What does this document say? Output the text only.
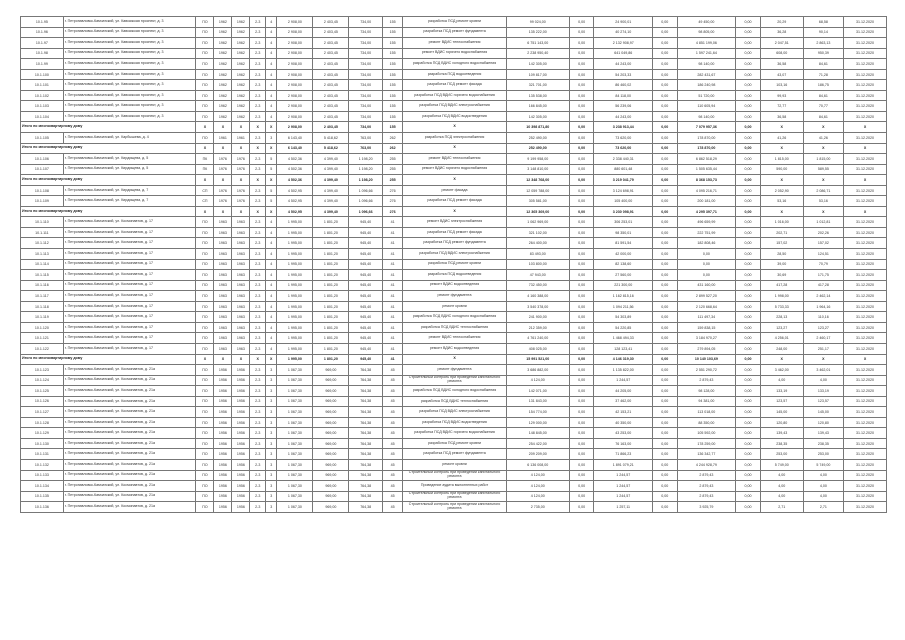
10.1.95	г. Петропавловск-Камчатский, ул. Кавказская проспект, д. 3	ПО	1962	1962	2-3	4	2 908,00	2 403,45	734,00	155	разработка ПСД ремонт кровли	99 024,00	0,00	24 900,01	0,00	49 450,00	0,00	20,29	68,58	31.12.2020
10.1.96	г. Петропавловск-Камчатский, ул. Кавказская проспект, д. 3	ПО	1962	1962	2-3	4	2 908,00	2 403,45	734,00	155	разработка ПСД ремонт фундамента	135 222,00	0,00	40 274,10	0,00	98 805,00	0,00	36,28	90,14	31.12.2020
10.1.97	г. Петропавловск-Камчатский, ул. Кавказская проспект, д. 3	ПО	1962	1962	2-3	4	2 908,00	2 403,45	734,00	155	ремонт ВДИС теплоснабжения	6 751 143,00	0,00	2 132 908,97	0,00	4 851 199,06	0,00	2 047,51	2 863,13	31.12.2020
10.1.98	г. Петропавловск-Камчатский, ул. Кавказская проспект, д. 3	ПО	1962	1962	2-3	4	2 908,00	2 403,45	734,00	155	ремонт ВДИС горячего водоснабжения	2 238 950,40	0,00	641 049,86	0,00	1 597 241,64	0,00	608,00	950,39	31.12.2020
10.1.99	г. Петропавловск-Камчатский, ул. Кавказская проспект, д. 3	ПО	1962	1962	2-3	4	2 908,00	2 403,45	734,00	155	разработка ПСД ВДИС холодного водоснабжения	142 305,00	0,00	44 243,00	0,00	98 140,00	0,00	36,58	84,61	31.12.2020
10.1.100	г. Петропавловск-Камчатский, ул. Кавказская проспект, д. 3	ПО	1962	1962	2-3	4	2 908,00	2 403,45	734,00	155	разработка ПСД водоотведения	109 817,00	0,00	54 203,33	0,00	282 431,67	0,00	43,07	71,28	31.12.2020
10.1.101	г. Петропавловск-Камчатский, ул. Кавказская проспект, д. 3	ПО	1962	1962	2-3	4	2 908,00	2 403,45	734,00	155	разработка ПСД ремонт фасада	321 701,00	0,00	86 460,02	0,00	186 240,98	0,00	103,16	186,75	31.12.2020
10.1.102	г. Петропавловск-Камчатский, ул. Кавказская проспект, д. 3	ПО	1962	1962	2-3	4	2 908,00	2 403,45	734,00	155	разработка ПСД ВДИС горячего водоснабжения	135 538,00	0,00	84 118,00	0,00	51 720,00	0,00	99,93	84,61	31.12.2020
10.1.103	г. Петропавловск-Камчатский, ул. Кавказская проспект, д. 3	ПО	1962	1962	2-3	4	2 908,00	2 403,45	734,00	155	разработка ПСД ВДИС электроснабжения	166 845,00	0,00	56 239,06	0,00	110 605,94	0,00	72,77	70,77	31.12.2020
10.1.104	г. Петропавловск-Камчатский, ул. Кавказская проспект, д. 3	ПО	1962	1962	2-3	4	2 908,00	2 403,45	734,00	155	разработка ПСД ВДИС водоотведения	142 305,00	0,00	44 243,00	0,00	98 140,00	0,00	36,58	84,61	31.12.2020
Итого по многоквартирному дому		Х	Х	Х	Х	Х	2 908,00	2 403,45	734,00	155	Х	10 398 871,80	0,00	3 238 913,44	0,00	7 079 957,36	0,00	Х	Х	Х
10.1.105	г. Петропавловск-Камчатский, ул. Карбышева, д. 4	ПО	1961	1961	2-3	3	6 143,40	5 418,62	763,00	262	разработка ПСД электроснабжения	252 490,00	0,00	73 620,00	0,00	178 870,00	0,00	41,26	41,26	31.12.2020
Итого по многоквартирному дому		Х	Х	Х	Х	Х	6 143,40	5 418,62	763,00	262	Х	252 490,00	0,00	73 620,00	0,00	178 870,00	0,00	Х	Х	Х
10.1.106	г. Петропавловск-Камчатский, ул. Кирдищева, д. 5	ПК	1976	1976	2-3	5	4 502,36	4 399,40	1 198,20	255	ремонт ВДИС теплоснабжения	9 199 958,00	0,00	2 338 440,31	0,00	6 862 518,29	0,00	1 815,00	1 815,00	31.12.2020
10.1.107	г. Петропавловск-Камчатский, ул. Кирдищева, д. 5	ПК	1976	1976	2-3	5	4 502,36	4 399,40	1 198,20	255	ремонт ВДИС горячего водоснабжения	3 148 810,00	0,00	880 601,48	0,00	1 505 635,44	0,00	590,00	589,55	31.12.2020
Итого по многоквартирному дому		Х	Х	Х	Х	Х	4 502,36	4 399,40	1 198,20	255	Х	12 348 768,00	0,00	3 219 041,79	0,00	8 368 153,73	0,00	Х	Х	Х
10.1.108	г. Петропавловск-Камчатский, ул. Кирдищева, д. 7	СП	1976	1976	2-3	5	4 502,95	4 399,40	1 096,66	276	ремонт фасада	12 059 788,00	0,00	3 124 698,91	0,00	4 095 216,71	0,00	2 052,90	2 086,71	31.12.2020
10.1.109	г. Петропавловск-Камчатский, ул. Кирдищева, д. 7	СП	1976	1976	2-3	5	4 502,95	4 399,40	1 096,66	276	разработка ПСД ремонт фасада	305 581,00	0,00	105 400,00	0,00	200 181,00	0,00	53,16	53,16	31.12.2020
Итого по многоквартирному дому		Х	Х	Х	Х	Х	4 502,95	4 399,40	1 096,66	276	Х	12 365 369,00	0,00	3 230 098,91	0,00	4 295 397,71	0,00	Х	Х	Х
10.1.110	г. Петропавловск-Камчатский, ул. Космонавтов, д. 17	ПО	1963	1963	2-3	4	1 995,00	1 801,20	945,40	41	ремонт ВДИС электроснабжения	1 062 969,00	0,00	306 253,01	0,00	496 659,99	0,00	1 016,00	1 012,81	31.12.2020
10.1.111	г. Петропавловск-Камчатский, ул. Космонавтов, д. 17	ПО	1963	1963	2-3	4	1 995,00	1 801,20	945,40	41	разработка ПСД ремонт фасада	321 102,00	0,00	98 350,01	0,00	222 751,99	0,00	202,71	202,26	31.12.2020
10.1.112	г. Петропавловск-Камчатский, ул. Космонавтов, д. 17	ПО	1963	1963	2-3	4	1 995,00	1 801,20	945,40	41	разработка ПСД ремонт фундамента	264 400,00	0,00	81 591,54	0,00	182 808,46	0,00	157,02	157,02	31.12.2020
10.1.113	г. Петропавловск-Камчатский, ул. Космонавтов, д. 17	ПО	1963	1963	2-3	4	1 995,00	1 801,20	945,40	41	разработка ПСД ВДИС электроснабжения	83 493,00	0,00	42 000,00	0,00	0,00	0,00	28,50	124,51	31.12.2020
10.1.114	г. Петропавловск-Камчатский, ул. Космонавтов, д. 17	ПО	1963	1963	2-3	4	1 995,00	1 801,20	945,40	41	разработка ПСД ремонт кровли	103 800,00	0,00	82 138,60	0,00	0,00	0,00	39,00	70,79	31.12.2020
10.1.115	г. Петропавловск-Камчатский, ул. Космонавтов, д. 17	ПО	1963	1963	2-3	4	1 995,00	1 801,20	945,40	41	разработка ПСД водоотведения	47 943,00	0,00	27 560,00	0,00	0,00	0,00	30,69	171,75	31.12.2020
10.1.116	г. Петропавловск-Камчатский, ул. Космонавтов, д. 17	ПО	1963	1963	2-3	4	1 995,00	1 801,20	945,40	41	ремонт ВДИС водоотведения	732 450,00	0,00	221 300,00	0,00	431 160,00	0,00	417,28	417,28	31.12.2020
10.1.117	г. Петропавловск-Камчатский, ул. Космонавтов, д. 17	ПО	1963	1963	2-3	4	1 995,00	1 801,20	945,40	41	ремонт фундамента	4 160 388,00	0,00	1 162 815,16	0,00	2 899 527,20	0,00	1 998,00	2 462,14	31.12.2020
10.1.118	г. Петропавловск-Камчатский, ул. Космонавтов, д. 17	ПО	1963	1963	2-3	4	1 995,00	1 801,20	945,40	41	ремонт кровли	3 540 378,00	0,00	1 094 211,56	0,00	2 120 668,64	0,00	5 733,33	1 964,16	31.12.2020
10.1.119	г. Петропавловск-Камчатский, ул. Космонавтов, д. 17	ПО	1963	1963	2-3	4	1 995,00	1 801,20	945,40	41	разработка ПСД ВДИС холодного водоснабжения	241 900,00	0,00	54 303,89	0,00	111 497,34	0,00	228,13	110,16	31.12.2020
10.1.120	г. Петропавловск-Камчатский, ул. Космонавтов, д. 17	ПО	1963	1963	2-3	4	1 995,00	1 801,20	945,40	41	разработка ПСД ВДИС теплоснабжения	212 359,00	0,00	54 220,85	0,00	159 838,15	0,00	123,27	123,27	31.12.2020
10.1.121	г. Петропавловск-Камчатский, ул. Космонавтов, д. 17	ПО	1963	1963	2-3	4	1 995,00	1 801,20	945,40	41	ремонт ВДИС теплоснабжения	4 761 240,00	0,00	1 468 494,33	0,00	3 184 970,27	0,00	4 256,01	2 460,17	31.12.2020
10.1.122	г. Петропавловск-Камчатский, ул. Космонавтов, д. 17	ПО	1963	1963	2-3	4	1 995,00	1 801,20	945,40	41	ремонт ВДИС водоотведения	408 025,00	0,00	128 123,41	0,00	279 894,05	0,00	248,00	251,17	31.12.2020
Итого по многоквартирному дому		Х	Х	Х	Х	Х	1 995,00	1 801,20	945,40	41	Х	15 991 521,00	0,00	4 146 319,30	0,00	10 140 103,69	0,00	Х	Х	Х
10.1.123	г. Петропавловск-Камчатский, ул. Космонавтов, д. 21а	ПО	1956	1956	2-3	3	1 067,30	969,00	764,38	45	ремонт фундамента	3 686 882,00	0,00	1 135 822,00	0,00	2 551 290,72	0,00	3 462,00	3 462,01	31.12.2020
10.1.124	г. Петропавловск-Камчатский, ул. Космонавтов, д. 21а	ПО	1956	1956	2-3	3	1 067,30	969,00	764,38	45	Строительный контроль при проведении капитального ремонта	4 124,00	0,00	1 244,57	0,00	2 879,43	0,00	4,00	4,00	31.12.2020
10.1.125	г. Петропавловск-Камчатский, ул. Космонавтов, д. 21а	ПО	1956	1956	2-3	3	1 067,30	969,00	764,38	45	разработка ПСД ВДИС холодного водоснабжения	142 071,00	0,00	44 205,00	0,00	98 128,00	0,00	133,19	133,19	31.12.2020
10.1.126	г. Петропавловск-Камчатский, ул. Космонавтов, д. 21а	ПО	1956	1956	2-3	3	1 067,30	969,00	764,38	45	разработка ПСД ВДИС теплоснабжения	131 843,00	0,00	37 462,00	0,00	94 381,00	0,00	123,57	123,57	31.12.2020
10.1.127	г. Петропавловск-Камчатский, ул. Космонавтов, д. 21а	ПО	1956	1956	2-3	3	1 067,30	969,00	764,38	45	разработка ПСД ВДИС электроснабжения	154 774,00	0,00	42 153,21	0,00	113 018,00	0,00	145,00	145,00	31.12.2020
10.1.128	г. Петропавловск-Камчатский, ул. Космонавтов, д. 21а	ПО	1956	1956	2-3	3	1 067,30	969,00	764,38	45	разработка ПСД ВДИС водоотведения	129 000,00	0,00	40 350,00	0,00	88 350,00	0,00	120,80	120,80	31.12.2020
10.1.129	г. Петропавловск-Камчатский, ул. Космонавтов, д. 21а	ПО	1956	1956	2-3	3	1 067,30	969,00	764,38	45	разработка ПСД ВДИС горячего водоснабжения	148 845,00	0,00	43 253,00	0,00	105 592,00	0,00	139,43	139,43	31.12.2020
10.1.130	г. Петропавловск-Камчатский, ул. Космонавтов, д. 21а	ПО	1956	1956	2-3	3	1 067,30	969,00	764,38	45	разработка ПСД ремонт кровли	254 422,00	0,00	76 163,00	0,00	178 259,00	0,00	238,35	238,35	31.12.2020
10.1.131	г. Петропавловск-Камчатский, ул. Космонавтов, д. 21а	ПО	1956	1956	2-3	3	1 067,30	969,00	764,38	45	разработка ПСД ремонт фундамента	209 209,00	0,00	71 866,23	0,00	136 342,77	0,00	253,00	253,00	31.12.2020
10.1.132	г. Петропавловск-Камчатский, ул. Космонавтов, д. 21а	ПО	1956	1956	2-3	3	1 067,30	969,00	764,38	45	ремонт кровли	6 136 008,00	0,00	1 891 079,21	0,00	4 244 928,79	0,00	5 749,00	5 749,00	31.12.2020
10.1.133	г. Петропавловск-Камчатский, ул. Космонавтов, д. 21а	ПО	1956	1956	2-3	3	1 067,30	969,00	764,38	45	Строительный контроль при проведении капитального ремонта	4 124,00	0,00	1 244,57	0,00	2 879,43	0,00	4,00	4,00	31.12.2020
10.1.134	г. Петропавловск-Камчатский, ул. Космонавтов, д. 21а	ПО	1956	1956	2-3	3	1 067,30	969,00	764,38	45	Проведение аудита выполненных работ	4 124,00	0,00	1 244,57	0,00	2 879,43	0,00	4,00	4,00	31.12.2020
10.1.135	г. Петропавловск-Камчатский, ул. Космонавтов, д. 21а	ПО	1956	1956	2-3	3	1 067,30	969,00	764,38	45	Строительный контроль при проведении капитального ремонта	4 124,00	0,00	1 244,57	0,00	2 879,43	0,00	4,00	4,00	31.12.2020
10.1.136	г. Петропавловск-Камчатский, ул. Космонавтов, д. 21а	ПО	1956	1956	2-3	3	1 067,30	969,00	764,38	45	Строительный контроль при проведении капитального ремонта	2 735,00	0,00	1 257,11	0,00	3 925,79	0,00	2,71	2,71	31.12.2020
